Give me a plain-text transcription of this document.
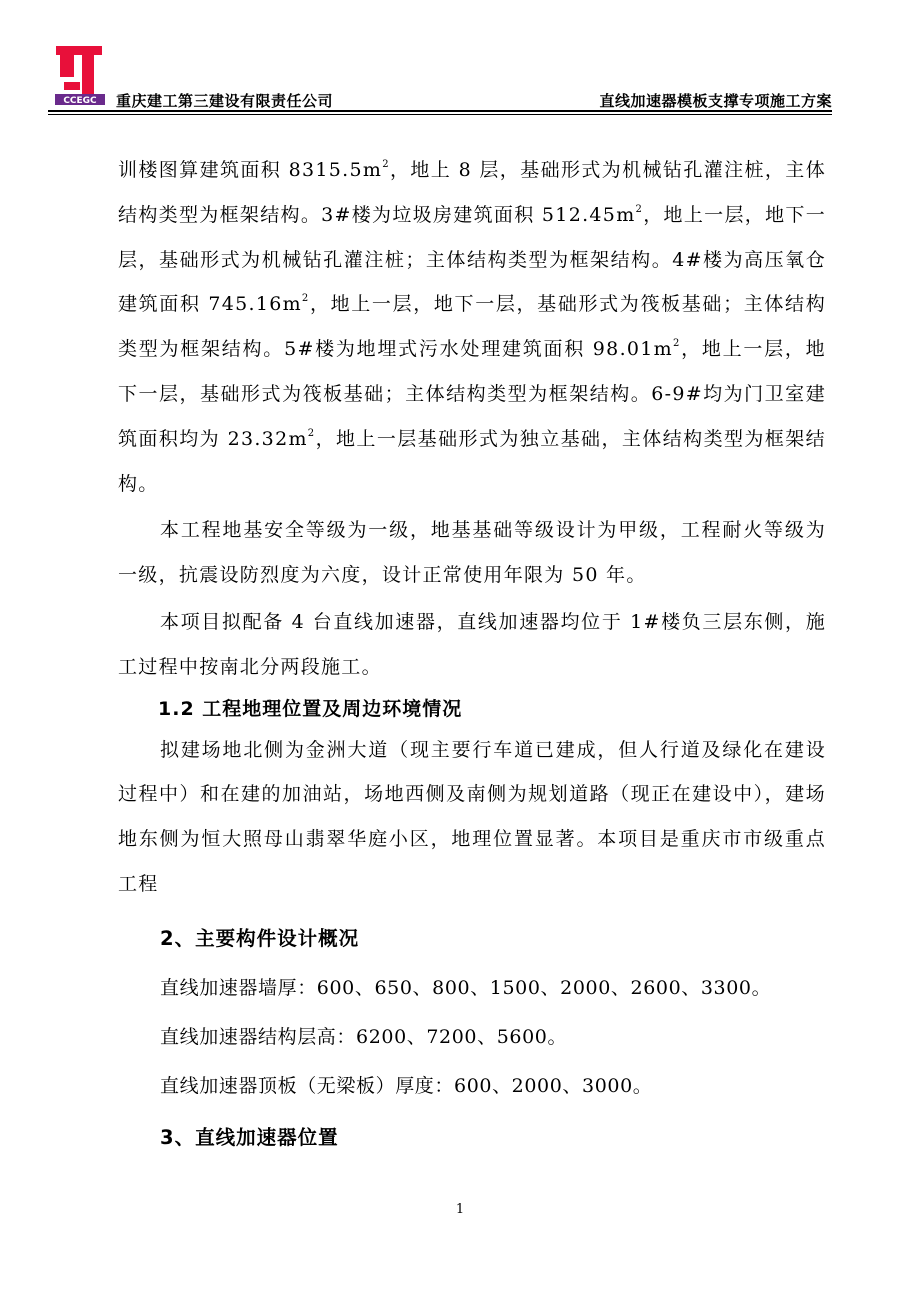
CCEGC 重庆建工第三建设有限责任公司	直线加速器模板支撑专项施工方案

训楼图算建筑面积 $8315.5m^2$，地上 8 层，基础形式为机械钻孔灌注桩，主体结构类型为框架结构。3#楼为垃圾房建筑面积 $512.45m^2$，地上一层，地下一层，基础形式为机械钻孔灌注桩；主体结构类型为框架结构。4#楼为高压氧仓建筑面积 $745.16m^2$，地上一层，地下一层，基础形式为筏板基础；主体结构类型为框架结构。5#楼为地埋式污水处理建筑面积 $98.01m^2$，地上一层，地下一层，基础形式为筏板基础；主体结构类型为框架结构。6-9#均为门卫室建筑面积均为 $23.32m^2$，地上一层基础形式为独立基础，主体结构类型为框架结构。

本工程地基安全等级为一级，地基基础等级设计为甲级，工程耐火等级为一级，抗震设防烈度为六度，设计正常使用年限为 50 年。

本项目拟配备 4 台直线加速器，直线加速器均位于 1#楼负三层东侧，施工过程中按南北分两段施工。

1.2 工程地理位置及周边环境情况

拟建场地北侧为金洲大道（现主要行车道已建成，但人行道及绿化在建设过程中）和在建的加油站，场地西侧及南侧为规划道路（现正在建设中），建场地东侧为恒大照母山翡翠华庭小区，地理位置显著。本项目是重庆市市级重点工程

2、主要构件设计概况

直线加速器墙厚：600、650、800、1500、2000、2600、3300。

直线加速器结构层高：6200、7200、5600。

直线加速器顶板（无梁板）厚度：600、2000、3000。

3、直线加速器位置

1
